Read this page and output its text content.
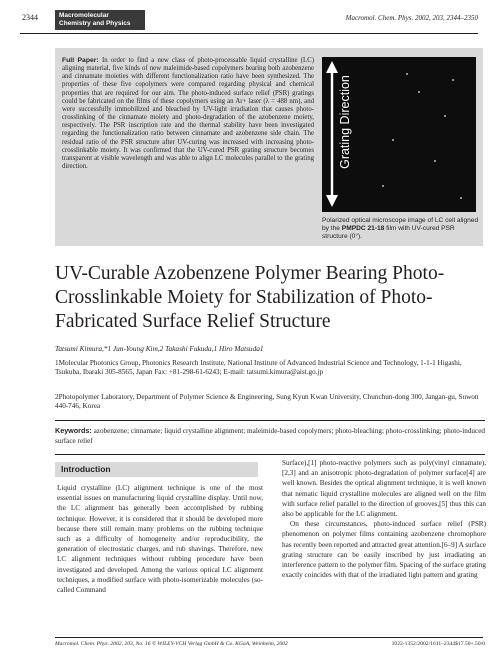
2344	Macromolecular Chemistry and Physics
Macromol. Chem. Phys. 2002, 203, 2344–2350

Full Paper: In order to find a new class of photo-processable liquid crystalline (LC) aligning material, five kinds of new maleimide-based copolymers bearing both azobenzene and cinnamate moieties with different functionalization ratio have been synthesized. The properties of these five copolymers were compared regarding physical and chemical properties that are required for our aim. The photo-induced surface relief (PSR) gratings could be fabricated on the films of these copolymers using an Ar+ laser (λ = 488 nm), and were successfully immobilized and bleached by UV-light irradiation that causes photo-crosslinking of the cinnamate moiety and photo-degradation of the azobenzene moiety, respectively. The PSR inscription rate and the thermal stability have been investigated regarding the functionalization ratio between cinnamate and azobenzene side chain. The residual ratio of the PSR structure after UV-curing was increased with increasing photo-crosslinkable moiety. It was confirmed that the UV-cured PSR grating structure becomes transparent at visible wavelength and was able to align LC molecules parallel to the grating direction.	Grating Direction

Polarized optical microscope image of LC cell aligned by the PMPDC 21-18 film with UV-cured PSR structure (0°).

UV-Curable Azobenzene Polymer Bearing Photo-Crosslinkable Moiety for Stabilization of Photo-Fabricated Surface Relief Structure
Tatsumi Kimura,*1 Jun-Young Kim,2 Takashi Fukuda,1 Hiro Matsuda1

1Molecular Photonics Group, Photonics Research Institute, National Institute of Advanced Industrial Science and Technology, 1-1-1 Higashi, Tsukuba, Ibaraki 305-8565, Japan Fax: +81-298-61-6243; E-mail: tatsumi.kimura@aist.go.jp

2Photopolymer Laboratory, Department of Polymer Science & Engineering, Sung Kyun Kwan University, Chunchun-dong 300, Jangan-gu, Suwon 440-746, Korea

Keywords: azobenzene; cinnamate; liquid crystalline alignment; maleimide-based copolymers; photo-bleaching; photo-crosslinking; photo-induced surface relief

Introduction

Liquid crystalline (LC) alignment technique is one of the most essential issues on manufacturing liquid crystalline display. Until now, the LC alignment has generally been accomplished by rubbing technique. However, it is considered that it should be developed more because there still remain many problems on the rubbing technique such as a difficulty of homogeneity and/or reproducibility, the generation of electrostatic charges, and rub shavings. Therefore, new LC alignment techniques without rubbing procedure have been investigated and developed. Among the various optical LC alignment techniques, a modified surface with photo-isomerizable molecules (so-called Command

Surface),[1] photo-reactive polymers such as poly(vinyl cinnamate),[2,3] and an anisotropic photo-degradation of polymer surface[4] are well known. Besides the optical alignment technique, it is well known that nematic liquid crystalline molecules are aligned well on the film with surface relief parallel to the direction of grooves,[5] thus this can also be applicable for the LC alignment.
On these circumstances, photo-induced surface relief (PSR) phenomenon on polymer films containing azobenzene chromophore has recently been reported and attracted great attention.[6–9] A surface grating structure can be easily inscribed by just irradiating an interference pattern to the polymer film. Spacing of the surface grating exactly coincides with that of the irradiated light pattern and grating

Macromol. Chem. Phys. 2002, 203, No. 16 © WILEY-VCH Verlag GmbH & Co. KGaA, Weinheim, 2002	1022-1352/2002/1611–2344$17.50+.50/0
